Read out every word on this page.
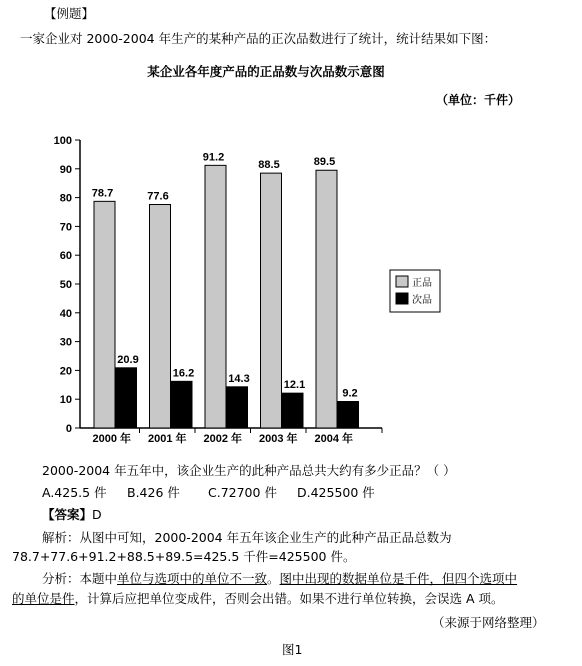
【例题】
一家企业对 2000-2004 年生产的某种产品的正次品数进行了统计，统计结果如下图：
某企业各年度产品的正品数与次品数示意图
（单位：千件）
0
10
20
30
40
50
60
70
80
90
100
2000 年
78.7
20.9
2001 年
77.6
16.2
2002 年
91.2
14.3
2003 年
88.5
12.1
2004 年
89.5
9.2
正品
次品
2000-2004 年五年中，该企业生产的此种产品总共大约有多少正品？（ ）
A.425.5 件 B.426 件 C.72700 件 D.425500 件
【答案】D
解析：从图中可知，2000-2004 年五年该企业生产的此种产品正品总数为
78.7+77.6+91.2+88.5+89.5=425.5 千件=425500 件。
分析：本题中单位与选项中的单位不一致。图中出现的数据单位是千件，但四个选项中
的单位是件，计算后应把单位变成件，否则会出错。如果不进行单位转换，会误选 A 项。
（来源于网络整理）
图1
